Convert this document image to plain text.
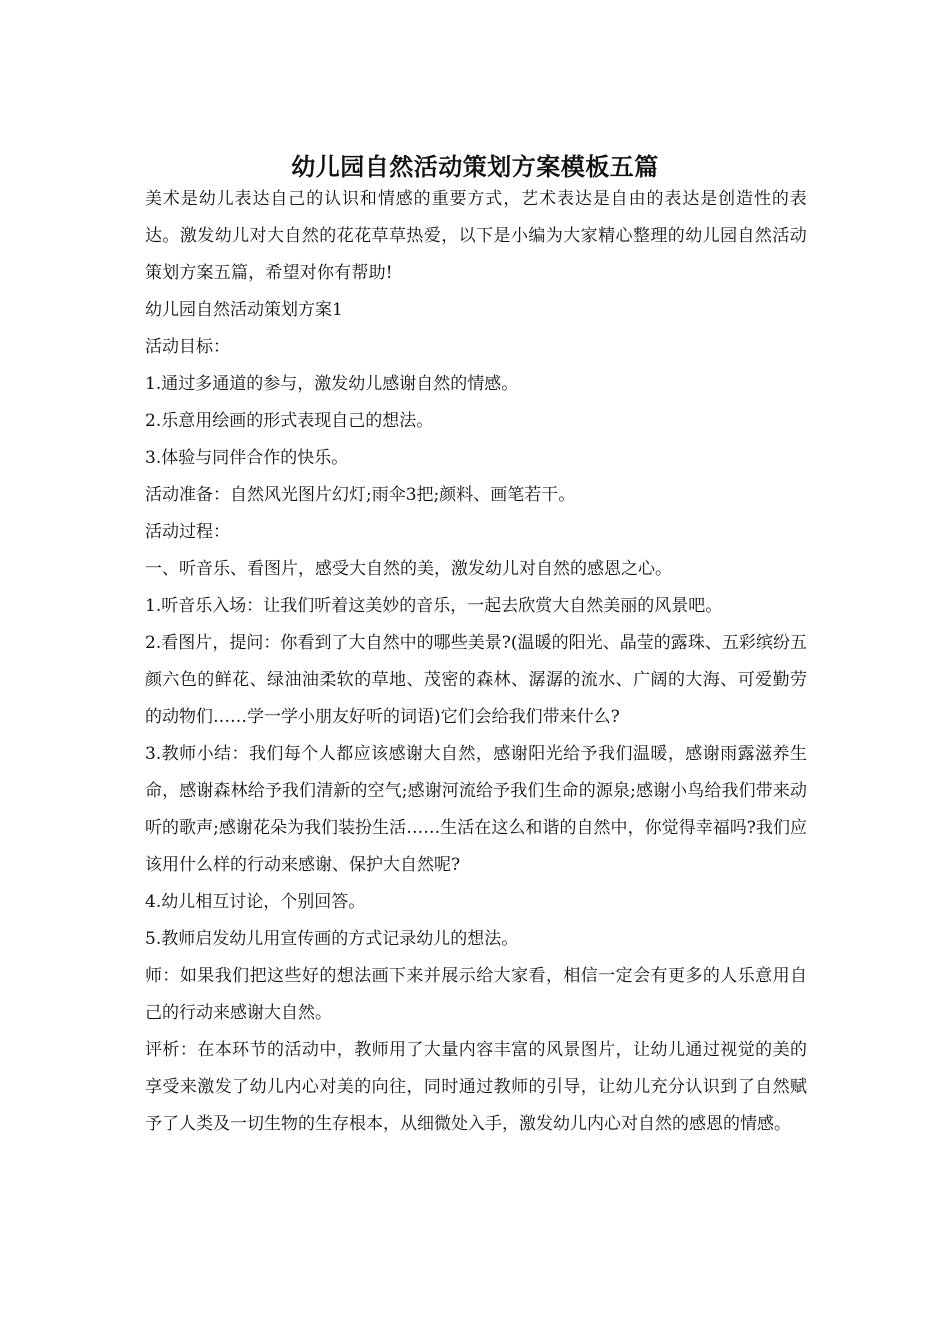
幼儿园自然活动策划方案模板五篇

美术是幼儿表达自己的认识和情感的重要方式，艺术表达是自由的表达是创造性的表达。激发幼儿对大自然的花花草草热爱，以下是小编为大家精心整理的幼儿园自然活动策划方案五篇，希望对你有帮助!

幼儿园自然活动策划方案1

活动目标：

1.通过多通道的参与，激发幼儿感谢自然的情感。

2.乐意用绘画的形式表现自己的想法。

3.体验与同伴合作的快乐。

活动准备：自然风光图片幻灯;雨伞3把;颜料、画笔若干。

活动过程：

一、听音乐、看图片，感受大自然的美，激发幼儿对自然的感恩之心。

1.听音乐入场：让我们听着这美妙的音乐，一起去欣赏大自然美丽的风景吧。

2.看图片，提问：你看到了大自然中的哪些美景?(温暖的阳光、晶莹的露珠、五彩缤纷五颜六色的鲜花、绿油油柔软的草地、茂密的森林、潺潺的流水、广阔的大海、可爱勤劳的动物们……学一学小朋友好听的词语)它们会给我们带来什么?

3.教师小结：我们每个人都应该感谢大自然，感谢阳光给予我们温暖，感谢雨露滋养生命，感谢森林给予我们清新的空气;感谢河流给予我们生命的源泉;感谢小鸟给我们带来动听的歌声;感谢花朵为我们装扮生活……生活在这么和谐的自然中，你觉得幸福吗?我们应该用什么样的行动来感谢、保护大自然呢?

4.幼儿相互讨论，个别回答。

5.教师启发幼儿用宣传画的方式记录幼儿的想法。

师：如果我们把这些好的想法画下来并展示给大家看，相信一定会有更多的人乐意用自己的行动来感谢大自然。

评析：在本环节的活动中，教师用了大量内容丰富的风景图片，让幼儿通过视觉的美的享受来激发了幼儿内心对美的向往，同时通过教师的引导，让幼儿充分认识到了自然赋予了人类及一切生物的生存根本，从细微处入手，激发幼儿内心对自然的感恩的情感。
